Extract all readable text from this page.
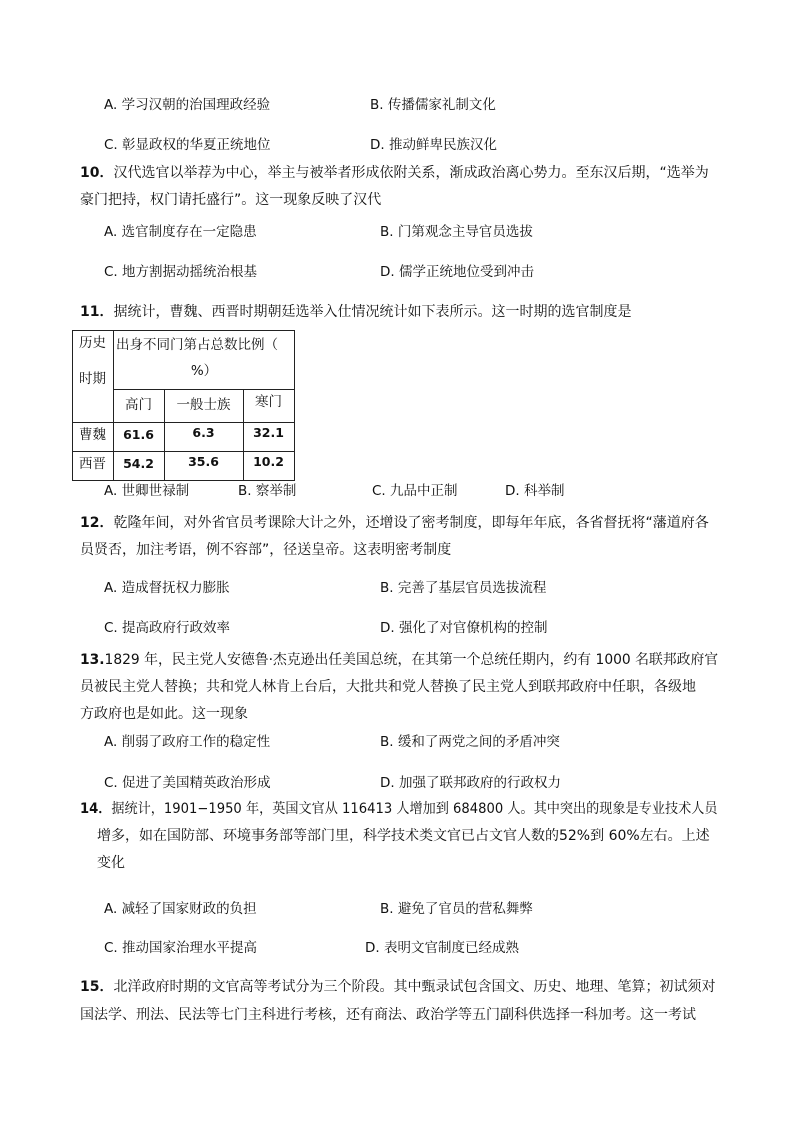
A. 学习汉朝的治国理政经验	B. 传播儒家礼制文化
C. 彰显政权的华夏正统地位	D. 推动鲜卑民族汉化
10．汉代选官以举荐为中心，举主与被举者形成依附关系，渐成政治离心势力。至东汉后期，“选举为
豪门把持，权门请托盛行”。这一现象反映了汉代
A. 选官制度存在一定隐患	B. 门第观念主导官员选拔
C. 地方割据动摇统治根基	D. 儒学正统地位受到冲击
11．据统计，曹魏、西晋时期朝廷选举入仕情况统计如下表所示。这一时期的选官制度是
历史
时期
出身不同门第占总数比例（
%）
高门	一般士族	寒门
曹魏	61.6	6.3	32.1
西晋	54.2	35.6	10.2
A. 世卿世禄制	B. 察举制	C. 九品中正制	D. 科举制
12．乾隆年间，对外省官员考课除大计之外，还增设了密考制度，即每年年底，各省督抚将“藩道府各
员贤否，加注考语，例不容部”，径送皇帝。这表明密考制度
A. 造成督抚权力膨胀	B. 完善了基层官员选拔流程
C. 提高政府行政效率	D. 强化了对官僚机构的控制
13.1829 年，民主党人安德鲁·杰克逊出任美国总统，在其第一个总统任期内，约有 1000 名联邦政府官
员被民主党人替换；共和党人林肯上台后，大批共和党人替换了民主党人到联邦政府中任职，各级地
方政府也是如此。这一现象
A. 削弱了政府工作的稳定性	B. 缓和了两党之间的矛盾冲突
C. 促进了美国精英政治形成	D. 加强了联邦政府的行政权力
14．据统计，1901−1950 年，英国文官从 116413 人增加到 684800 人。其中突出的现象是专业技术人员
增多，如在国防部、环境事务部等部门里，科学技术类文官已占文官人数的52%到 60%左右。上述
变化
A. 减轻了国家财政的负担	B. 避免了官员的营私舞弊
C. 推动国家治理水平提高	D. 表明文官制度已经成熟
15．北洋政府时期的文官高等考试分为三个阶段。其中甄录试包含国文、历史、地理、笔算；初试须对
国法学、刑法、民法等七门主科进行考核，还有商法、政治学等五门副科供选择一科加考。这一考试
